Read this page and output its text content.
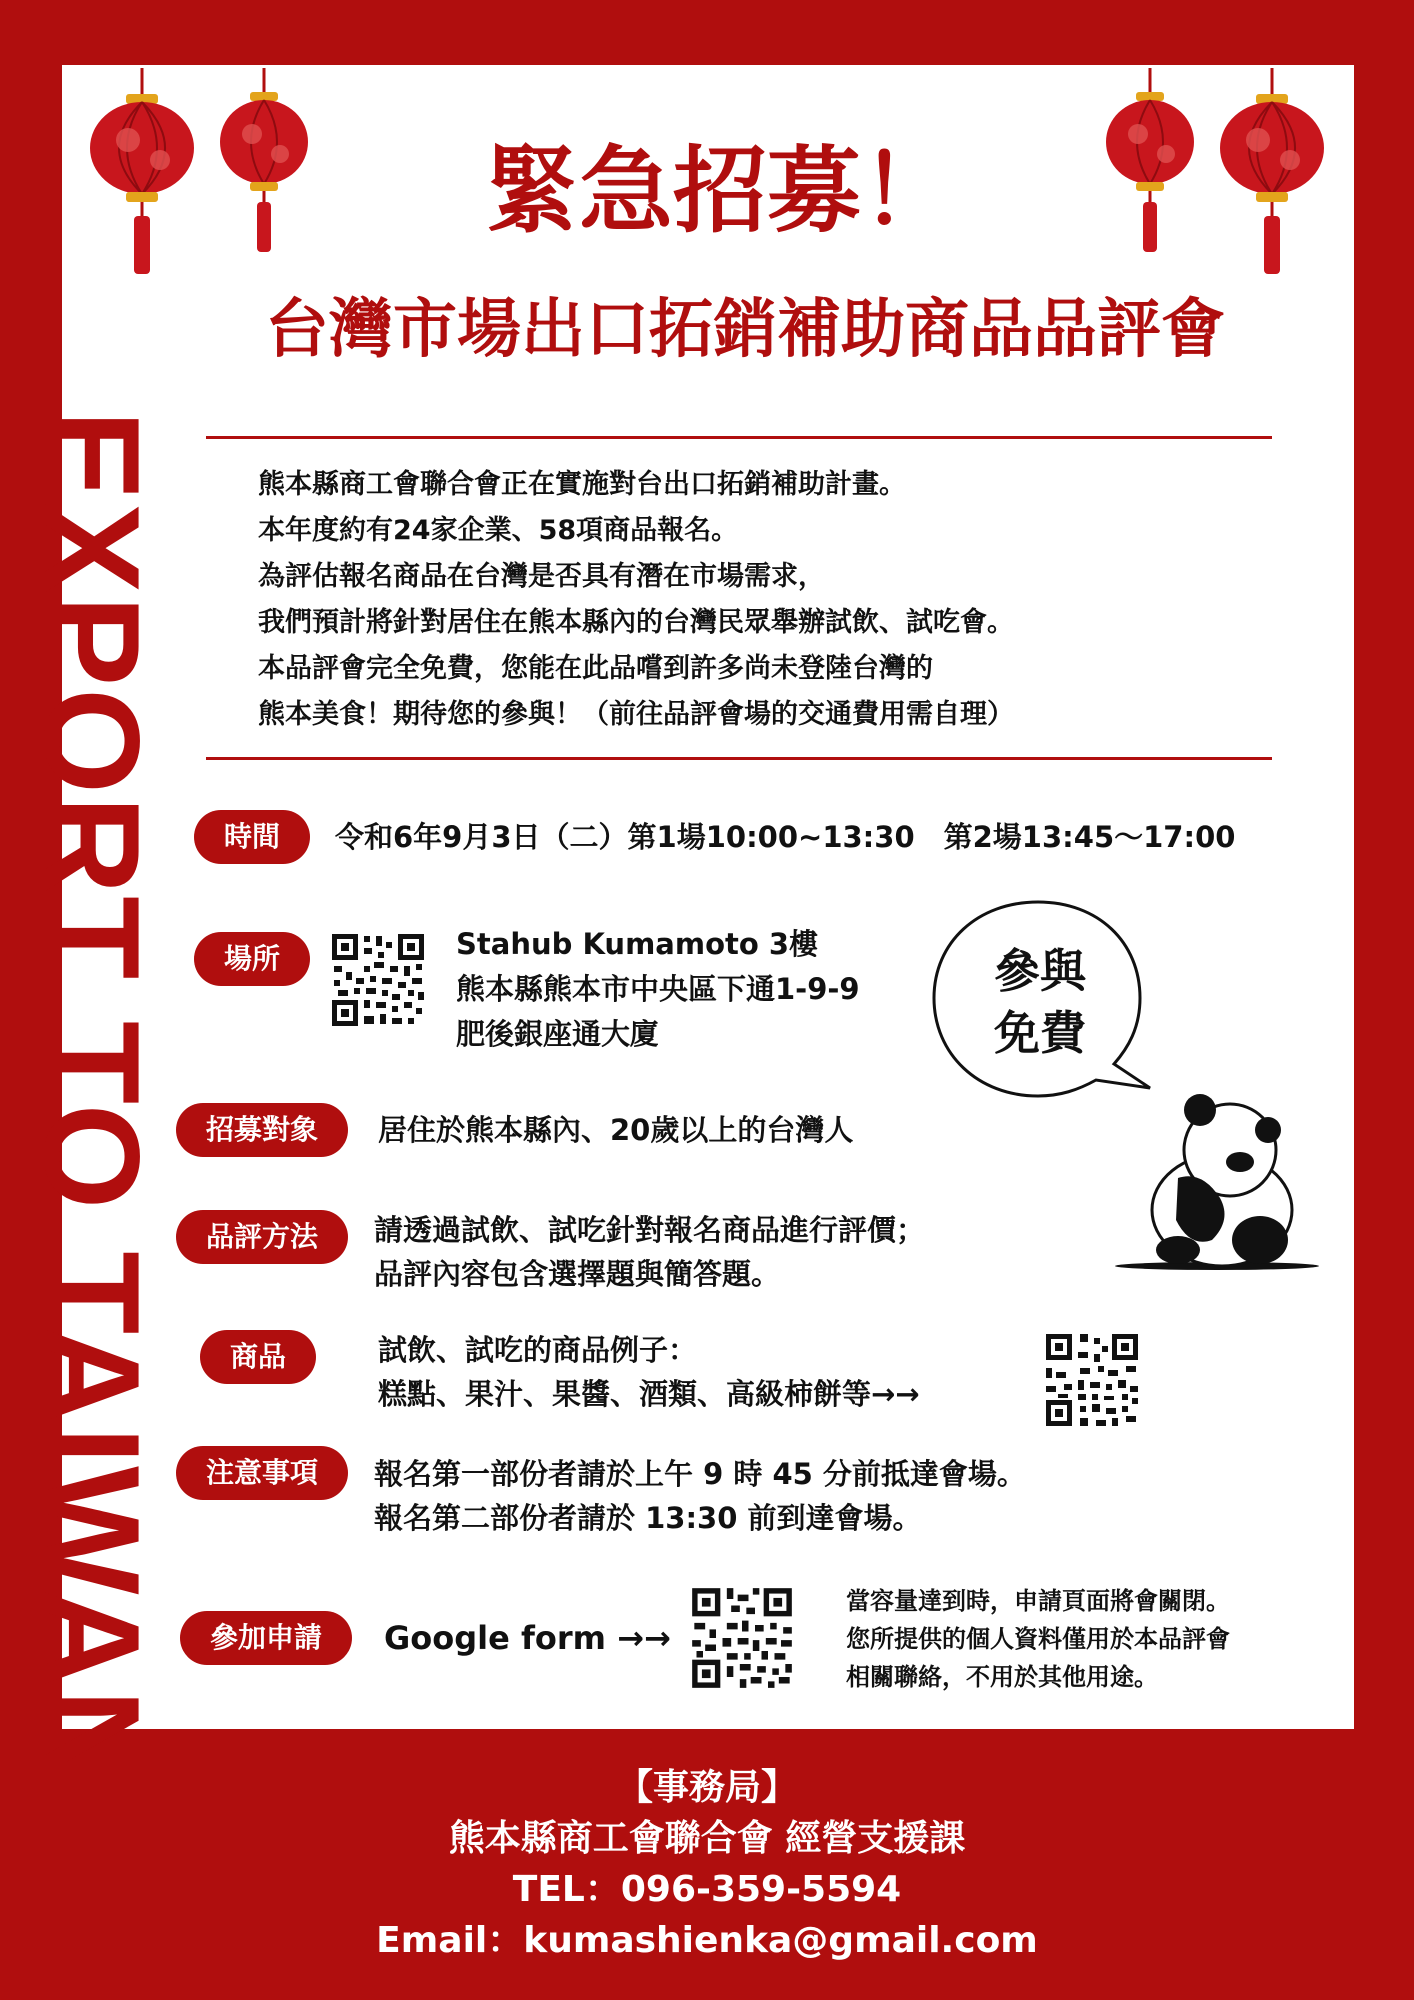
EXPORT TO TAIWAN
緊急招募！
台灣市場出口拓銷補助商品品評會
熊本縣商工會聯合會正在實施對台出口拓銷補助計畫。
本年度約有24家企業、58項商品報名。
為評估報名商品在台灣是否具有潛在市場需求，
我們預計將針對居住在熊本縣內的台灣民眾舉辦試飲、試吃會。
本品評會完全免費，您能在此品嚐到許多尚未登陸台灣的
熊本美食！期待您的參與！（前往品評會場的交通費用需自理）
時間	令和6年9月3日（二）第1場10:00~13:30　第2場13:45～17:00
場所	Stahub Kumamoto 3樓
熊本縣熊本市中央區下通1-9-9
肥後銀座通大廈
參與
免費
招募對象	居住於熊本縣內、20歲以上的台灣人
品評方法	請透過試飲、試吃針對報名商品進行評價；
品評內容包含選擇題與簡答題。
商品	試飲、試吃的商品例子：
糕點、果汁、果醬、酒類、高級柿餅等→→
注意事項	報名第一部份者請於上午 9 時 45 分前抵達會場。
報名第二部份者請於 13:30 前到達會場。
參加申請	Google form →→
當容量達到時，申請頁面將會關閉。
您所提供的個人資料僅用於本品評會
相關聯絡，不用於其他用途。
【事務局】
熊本縣商工會聯合會 經營支援課
TEL：096-359-5594
Email：kumashienka@gmail.com
